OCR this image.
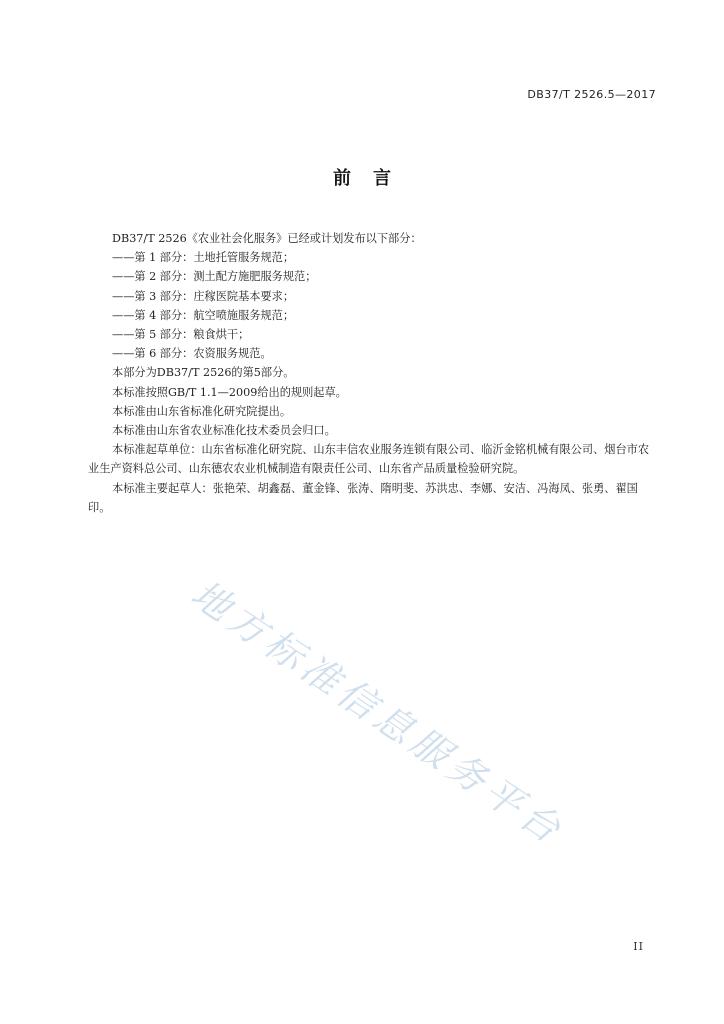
DB37/T 2526.5—2017
前言

DB37/T 2526《农业社会化服务》已经或计划发布以下部分：

——第 1 部分：土地托管服务规范；

——第 2 部分：测土配方施肥服务规范；

——第 3 部分：庄稼医院基本要求；

——第 4 部分：航空喷施服务规范；

——第 5 部分：粮食烘干；

——第 6 部分：农资服务规范。

本部分为DB37/T 2526的第5部分。

本标准按照GB/T 1.1—2009给出的规则起草。

本标准由山东省标准化研究院提出。

本标准由山东省农业标准化技术委员会归口。

本标准起草单位：山东省标准化研究院、山东丰信农业服务连锁有限公司、临沂金铭机械有限公司、烟台市农业生产资料总公司、山东德农农业机械制造有限责任公司、山东省产品质量检验研究院。

本标准主要起草人：张艳荣、胡鑫磊、董金锋、张涛、隋明斐、苏洪忠、李娜、安洁、冯海凤、张勇、翟国印。

地方标准信息服务平台
II
